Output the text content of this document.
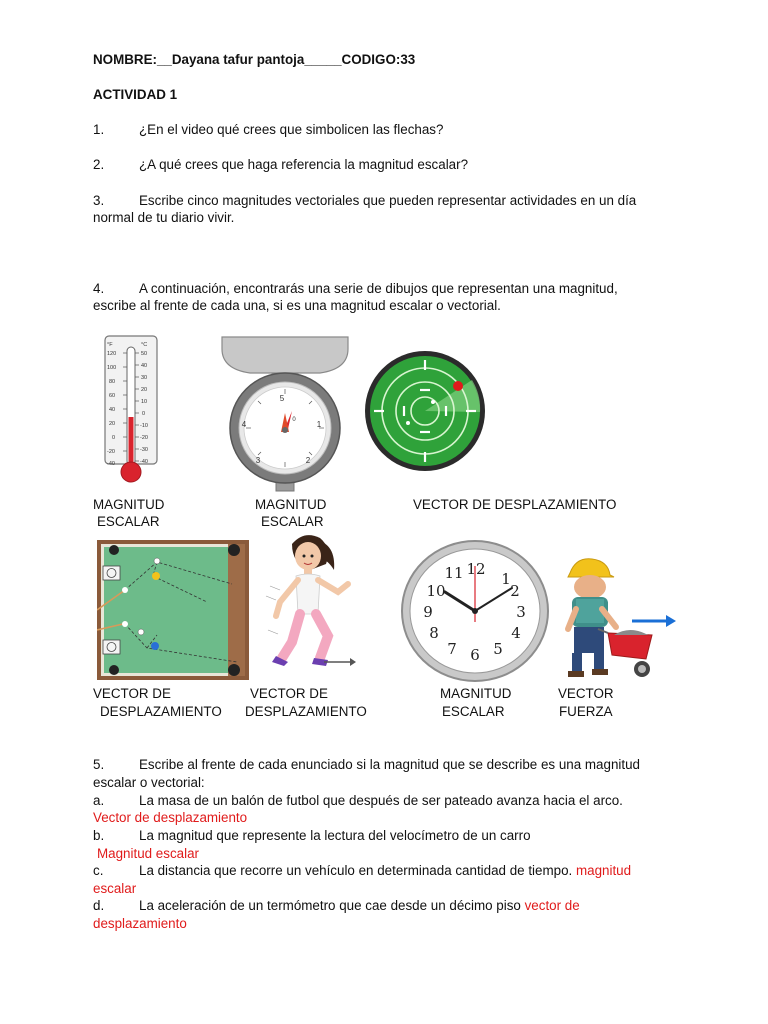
NOMBRE:__Dayana tafur pantoja_____CODIGO:33
ACTIVIDAD 1
1.	¿En el video qué crees que simbolicen las flechas?
2.	¿A qué crees que haga referencia la magnitud escalar?
3.	Escribe cinco magnitudes vectoriales que pueden representar actividades en un día
normal de tu diario vivir.
4.	A continuación, encontrarás una serie de dibujos que representan una magnitud,
escribe al frente de cada una, si es una magnitud escalar o vectorial.
°F
120
100
80
60
40
20
0
-20
-40
°C
50
40
30
20
10
0
-10
-20
-30
-40
MAGNITUD
ESCALAR
5
1
2
3
4	0
MAGNITUD
ESCALAR
VECTOR DE DESPLAZAMIENTO
VECTOR DE
DESPLAZAMIENTO
VECTOR DE
DESPLAZAMIENTO
12
1
2
3
4
5
6
7
8
9
10
11
MAGNITUD
ESCALAR
VECTOR
FUERZA
5.	Escribe al frente de cada enunciado si la magnitud que se describe es una magnitud
escalar o vectorial:
a.	La masa de un balón de futbol que después de ser pateado avanza hacia el arco.
Vector de desplazamiento
b.	La magnitud que represente la lectura del velocímetro de un carro
Magnitud escalar
c.	La distancia que recorre un vehículo en determinada cantidad de tiempo. magnitud
escalar
d.	La aceleración de un termómetro que cae desde un décimo piso vector de
desplazamiento
